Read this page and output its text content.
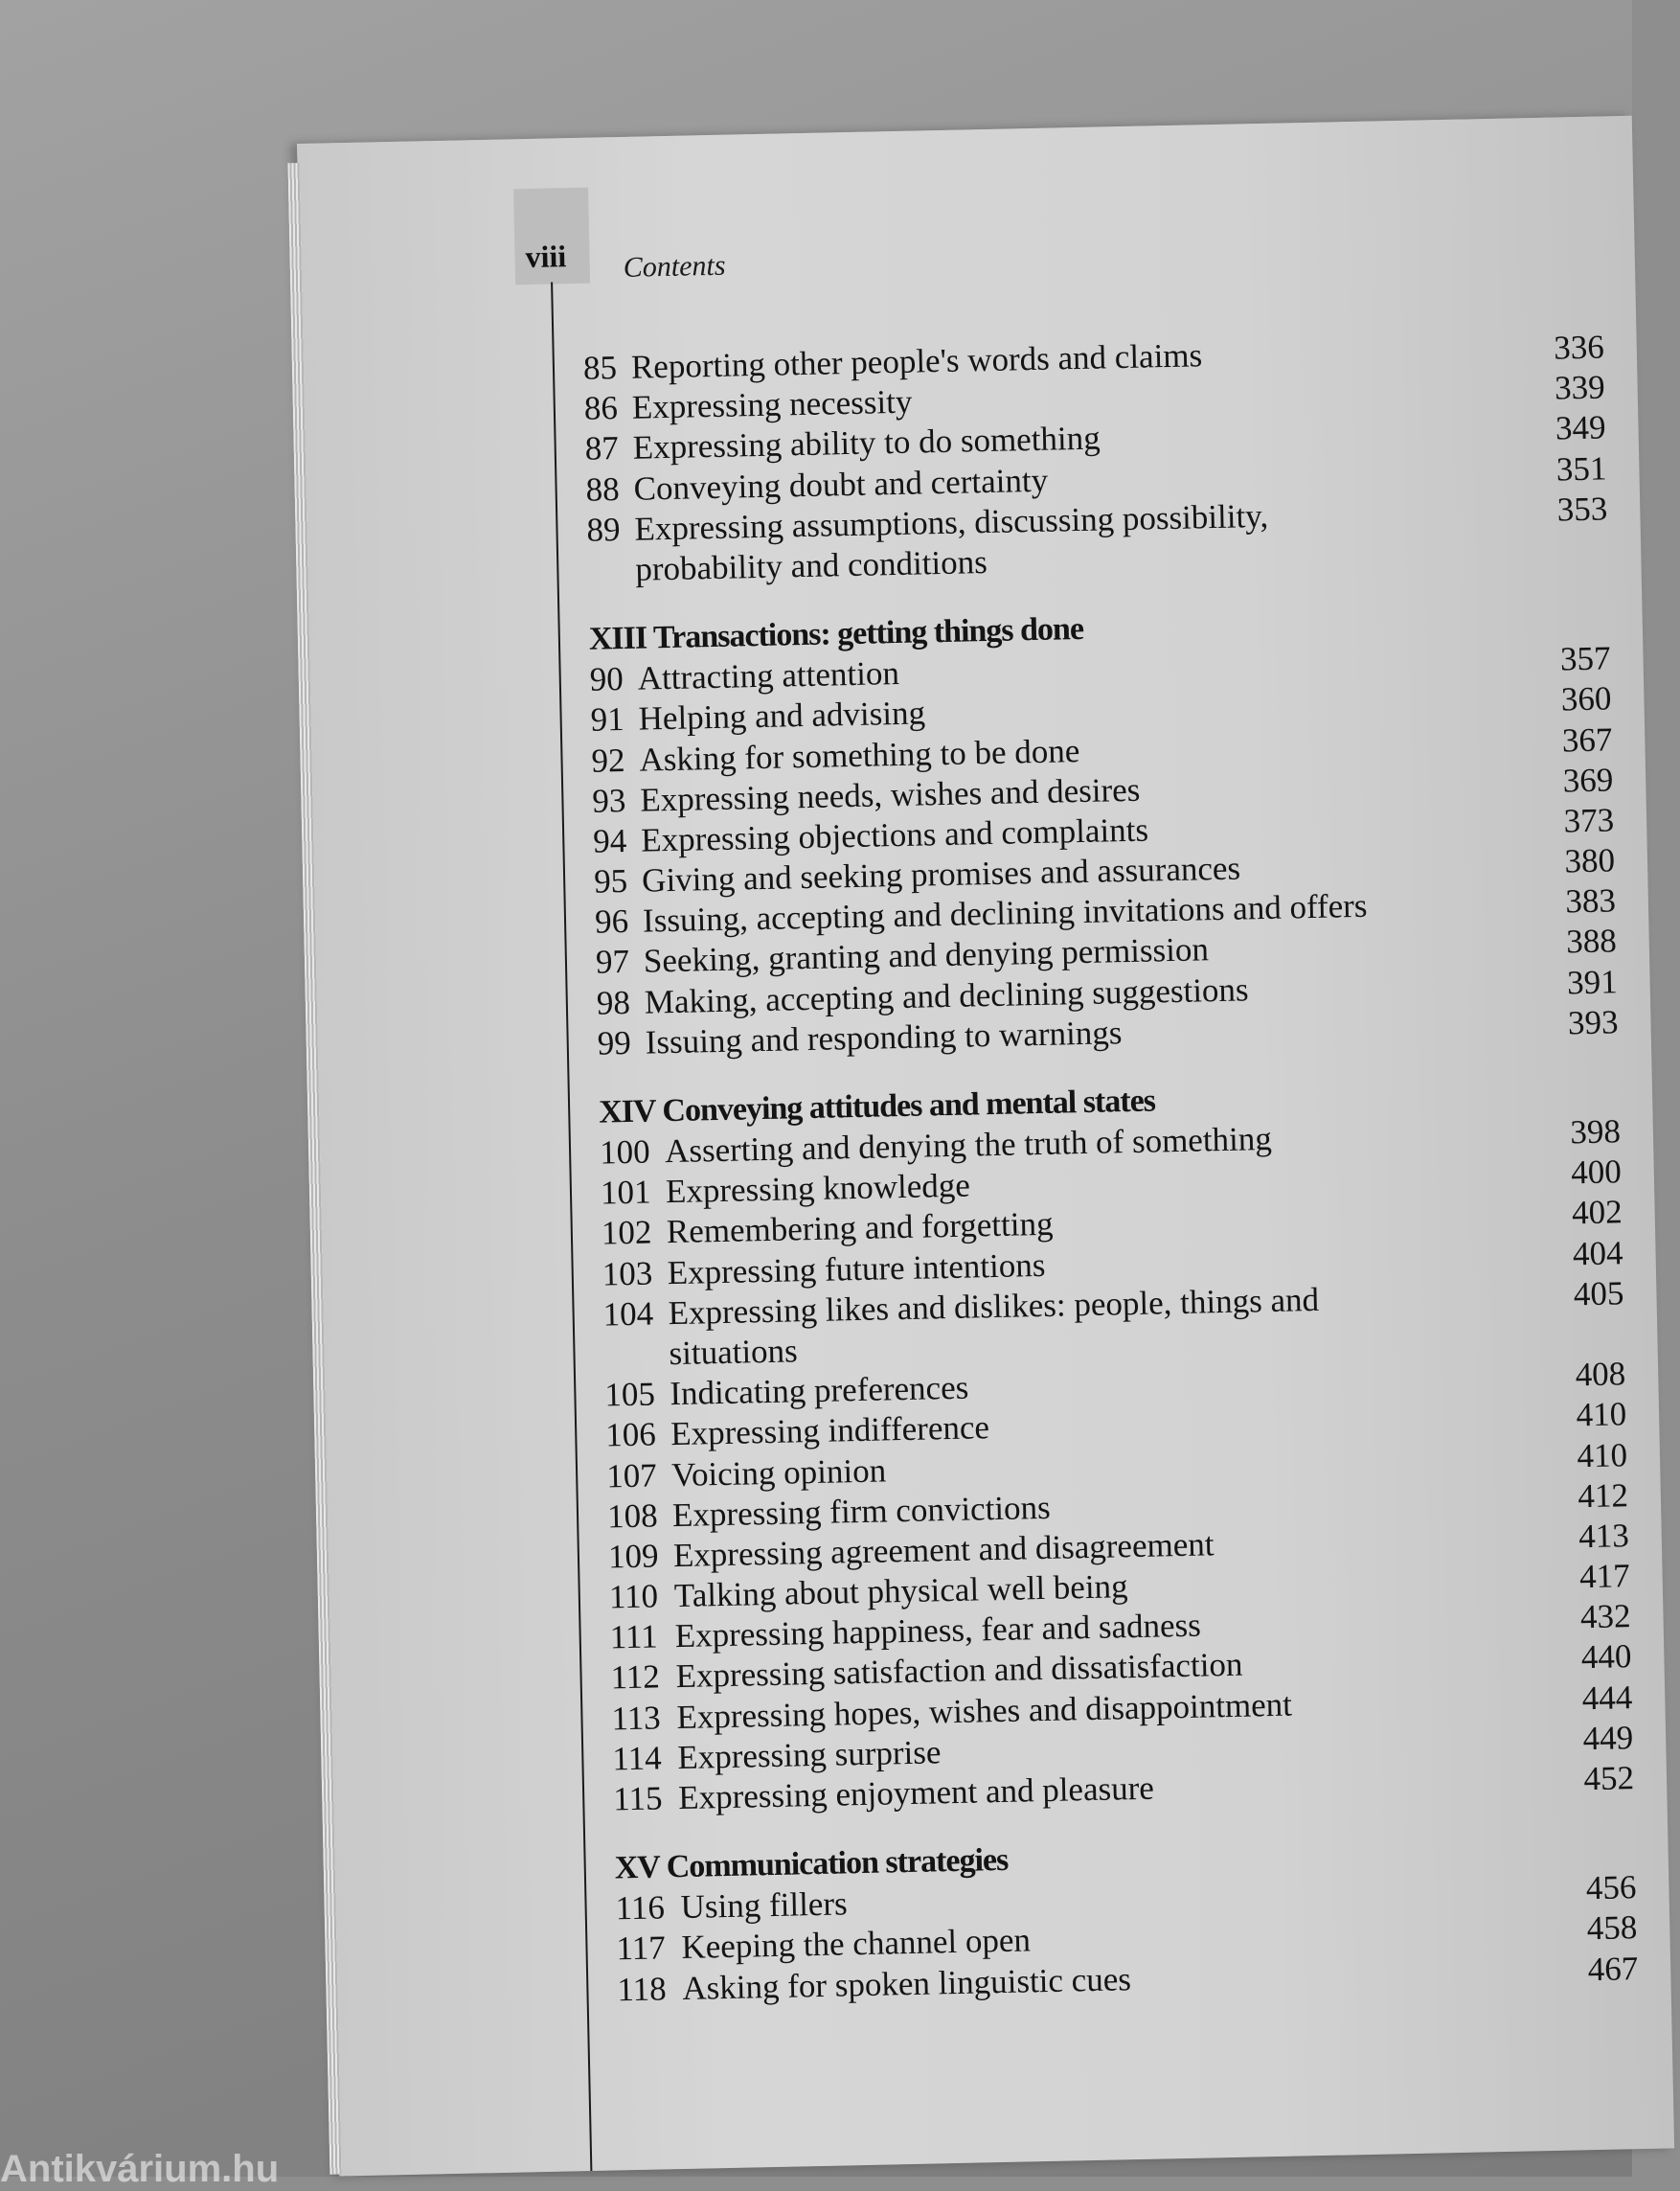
viii Contents
85 Reporting other people's words and claims	336
86 Expressing necessity	339
87 Expressing ability to do something	349
88 Conveying doubt and certainty	351
89 Expressing assumptions, discussing possibility,	353
probability and conditions
XIII Transactions: getting things done
90 Attracting attention	357
91 Helping and advising	360
92 Asking for something to be done	367
93 Expressing needs, wishes and desires	369
94 Expressing objections and complaints	373
95 Giving and seeking promises and assurances	380
96 Issuing, accepting and declining invitations and offers	383
97 Seeking, granting and denying permission	388
98 Making, accepting and declining suggestions	391
99 Issuing and responding to warnings	393
XIV Conveying attitudes and mental states
100 Asserting and denying the truth of something	398
101 Expressing knowledge	400
102 Remembering and forgetting	402
103 Expressing future intentions	404
104 Expressing likes and dislikes: people, things and	405
situations
105 Indicating preferences	408
106 Expressing indifference	410
107 Voicing opinion	410
108 Expressing firm convictions	412
109 Expressing agreement and disagreement	413
110 Talking about physical well being	417
111 Expressing happiness, fear and sadness	432
112 Expressing satisfaction and dissatisfaction	440
113 Expressing hopes, wishes and disappointment	444
114 Expressing surprise	449
115 Expressing enjoyment and pleasure	452
XV Communication strategies
116 Using fillers	456
117 Keeping the channel open	458
118 Asking for spoken linguistic cues	467
Antikvárium.hu
